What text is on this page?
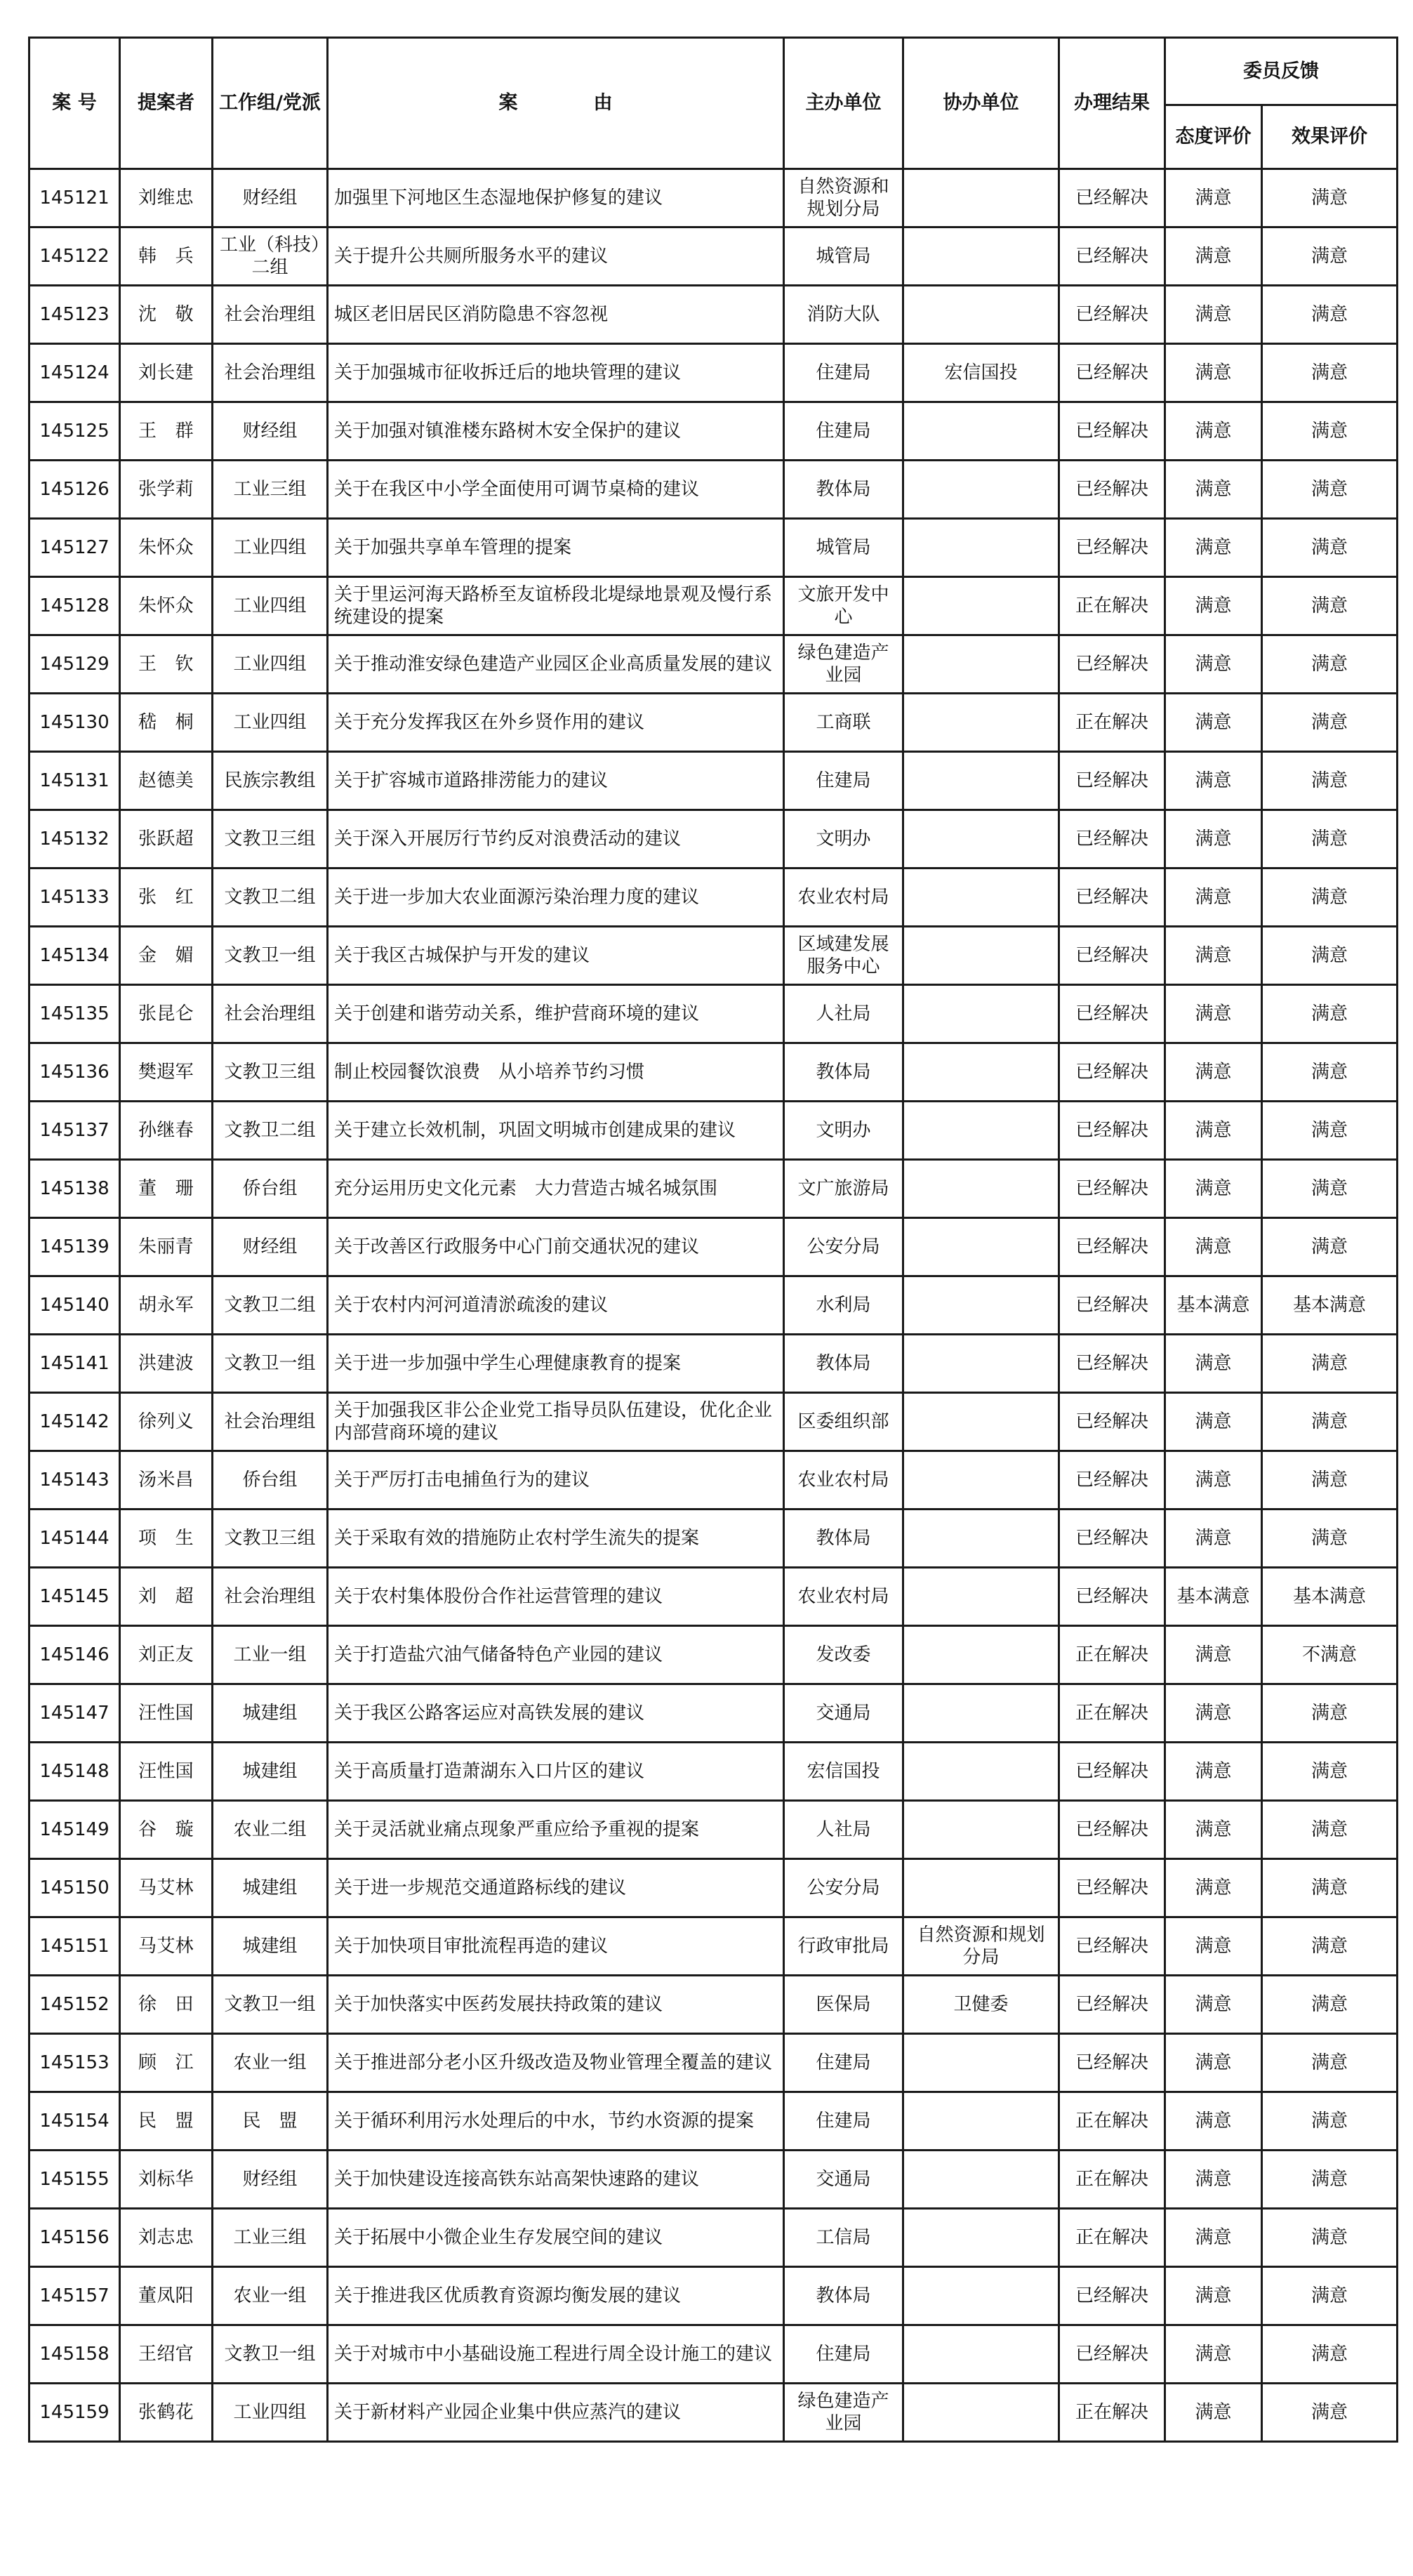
案 号	提案者	工作组/党派	案　　　　由	主办单位	协办单位	办理结果	委员反馈	
							态度评价	效果评价
145121	刘维忠	财经组	加强里下河地区生态湿地保护修复的建议	自然资源和规划分局		已经解决	满意	满意
145122	韩　兵	工业（科技）二组	关于提升公共厕所服务水平的建议	城管局		已经解决	满意	满意
145123	沈　敬	社会治理组	城区老旧居民区消防隐患不容忽视	消防大队		已经解决	满意	满意
145124	刘长建	社会治理组	关于加强城市征收拆迁后的地块管理的建议	住建局	宏信国投	已经解决	满意	满意
145125	王　群	财经组	关于加强对镇淮楼东路树木安全保护的建议	住建局		已经解决	满意	满意
145126	张学莉	工业三组	关于在我区中小学全面使用可调节桌椅的建议	教体局		已经解决	满意	满意
145127	朱怀众	工业四组	关于加强共享单车管理的提案	城管局		已经解决	满意	满意
145128	朱怀众	工业四组	关于里运河海天路桥至友谊桥段北堤绿地景观及慢行系统建设的提案	文旅开发中心		正在解决	满意	满意
145129	王　钦	工业四组	关于推动淮安绿色建造产业园区企业高质量发展的建议	绿色建造产业园		已经解决	满意	满意
145130	嵇　桐	工业四组	关于充分发挥我区在外乡贤作用的建议	工商联		正在解决	满意	满意
145131	赵德美	民族宗教组	关于扩容城市道路排涝能力的建议	住建局		已经解决	满意	满意
145132	张跃超	文教卫三组	关于深入开展厉行节约反对浪费活动的建议	文明办		已经解决	满意	满意
145133	张　红	文教卫二组	关于进一步加大农业面源污染治理力度的建议	农业农村局		已经解决	满意	满意
145134	金　媚	文教卫一组	关于我区古城保护与开发的建议	区域建发展服务中心		已经解决	满意	满意
145135	张昆仑	社会治理组	关于创建和谐劳动关系，维护营商环境的建议	人社局		已经解决	满意	满意
145136	樊遐军	文教卫三组	制止校园餐饮浪费　从小培养节约习惯	教体局		已经解决	满意	满意
145137	孙继春	文教卫二组	关于建立长效机制，巩固文明城市创建成果的建议	文明办		已经解决	满意	满意
145138	董　珊	侨台组	充分运用历史文化元素　大力营造古城名城氛围	文广旅游局		已经解决	满意	满意
145139	朱丽青	财经组	关于改善区行政服务中心门前交通状况的建议	公安分局		已经解决	满意	满意
145140	胡永军	文教卫二组	关于农村内河河道清淤疏浚的建议	水利局		已经解决	基本满意	基本满意
145141	洪建波	文教卫一组	关于进一步加强中学生心理健康教育的提案	教体局		已经解决	满意	满意
145142	徐列义	社会治理组	关于加强我区非公企业党工指导员队伍建设，优化企业内部营商环境的建议	区委组织部		已经解决	满意	满意
145143	汤米昌	侨台组	关于严厉打击电捕鱼行为的建议	农业农村局		已经解决	满意	满意
145144	项　生	文教卫三组	关于采取有效的措施防止农村学生流失的提案	教体局		已经解决	满意	满意
145145	刘　超	社会治理组	关于农村集体股份合作社运营管理的建议	农业农村局		已经解决	基本满意	基本满意
145146	刘正友	工业一组	关于打造盐穴油气储备特色产业园的建议	发改委		正在解决	满意	不满意
145147	汪性国	城建组	关于我区公路客运应对高铁发展的建议	交通局		正在解决	满意	满意
145148	汪性国	城建组	关于高质量打造萧湖东入口片区的建议	宏信国投		已经解决	满意	满意
145149	谷　璇	农业二组	关于灵活就业痛点现象严重应给予重视的提案	人社局		已经解决	满意	满意
145150	马艾林	城建组	关于进一步规范交通道路标线的建议	公安分局		已经解决	满意	满意
145151	马艾林	城建组	关于加快项目审批流程再造的建议	行政审批局	自然资源和规划分局	已经解决	满意	满意
145152	徐　田	文教卫一组	关于加快落实中医药发展扶持政策的建议	医保局	卫健委	已经解决	满意	满意
145153	顾　江	农业一组	关于推进部分老小区升级改造及物业管理全覆盖的建议	住建局		已经解决	满意	满意
145154	民　盟	民　盟	关于循环利用污水处理后的中水，节约水资源的提案	住建局		正在解决	满意	满意
145155	刘标华	财经组	关于加快建设连接高铁东站高架快速路的建议	交通局		正在解决	满意	满意
145156	刘志忠	工业三组	关于拓展中小微企业生存发展空间的建议	工信局		正在解决	满意	满意
145157	董凤阳	农业一组	关于推进我区优质教育资源均衡发展的建议	教体局		已经解决	满意	满意
145158	王绍官	文教卫一组	关于对城市中小基础设施工程进行周全设计施工的建议	住建局		已经解决	满意	满意
145159	张鹤花	工业四组	关于新材料产业园企业集中供应蒸汽的建议	绿色建造产业园		正在解决	满意	满意
